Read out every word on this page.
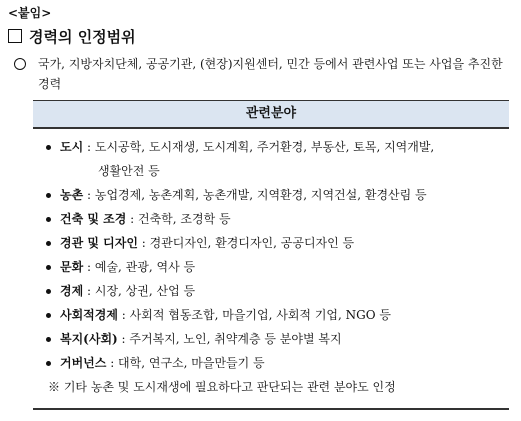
<붙임>
경력의 인정범위
국가, 지방자치단체, 공공기관, (현장)지원센터, 민간 등에서 관련사업 또는 사업을 추진한 경력
관련분야
도시 : 도시공학, 도시재생, 도시계획, 주거환경, 부동산, 토목, 지역개발,
생활안전 등
농촌 : 농업경제, 농촌계획, 농촌개발, 지역환경, 지역건설, 환경산림 등
건축 및 조경 : 건축학, 조경학 등
경관 및 디자인 : 경관디자인, 환경디자인, 공공디자인 등
문화 : 예술, 관광, 역사 등
경제 : 시장, 상권, 산업 등
사회적경제 : 사회적 협동조합, 마을기업, 사회적 기업, NGO 등
복지(사회) : 주거복지, 노인, 취약계층 등 분야별 복지
거버넌스 : 대학, 연구소, 마을만들기 등
※ 기타 농촌 및 도시재생에 필요하다고 판단되는 관련 분야도 인정
